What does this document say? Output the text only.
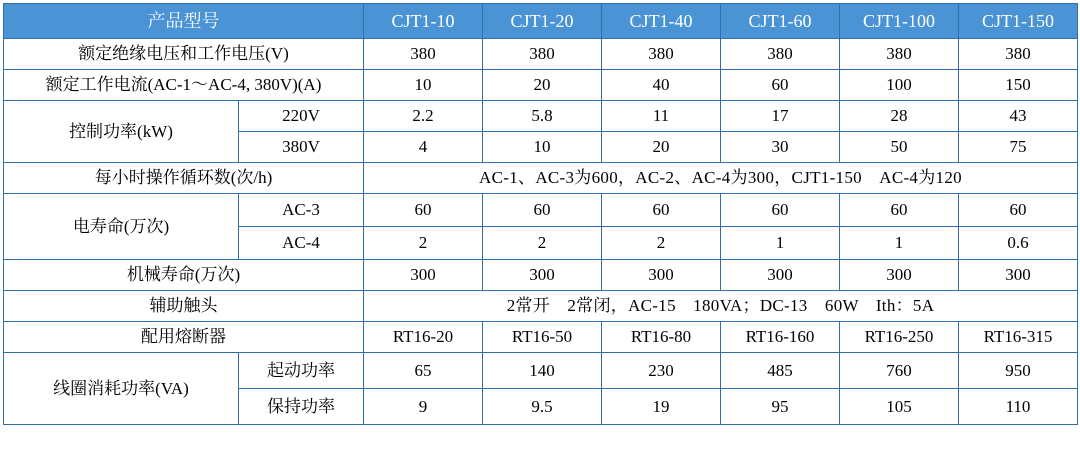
产品型号		CJT1-10	CJT1-20	CJT1-40	CJT1-60	CJT1-100	CJT1-150
额定绝缘电压和工作电压(V)		380	380	380	380	380	380
额定工作电流(AC-1～AC-4, 380V)(A)		10	20	40	60	100	150
控制功率(kW)	220V	2.2	5.8	11	17	28	43
	380V	4	10	20	30	50	75
每小时操作循环数(次/h)		AC-1、AC-3为600，AC-2、AC-4为300，CJT1-150　AC-4为120					
电寿命(万次)	AC-3	60	60	60	60	60	60
	AC-4	2	2	2	1	1	0.6
机械寿命(万次)		300	300	300	300	300	300
辅助触头		2常开　2常闭，AC-15　180VA；DC-13　60W　Ith：5A					
配用熔断器		RT16-20	RT16-50	RT16-80	RT16-160	RT16-250	RT16-315
线圈消耗功率(VA)	起动功率	65	140	230	485	760	950
	保持功率	9	9.5	19	95	105	110
